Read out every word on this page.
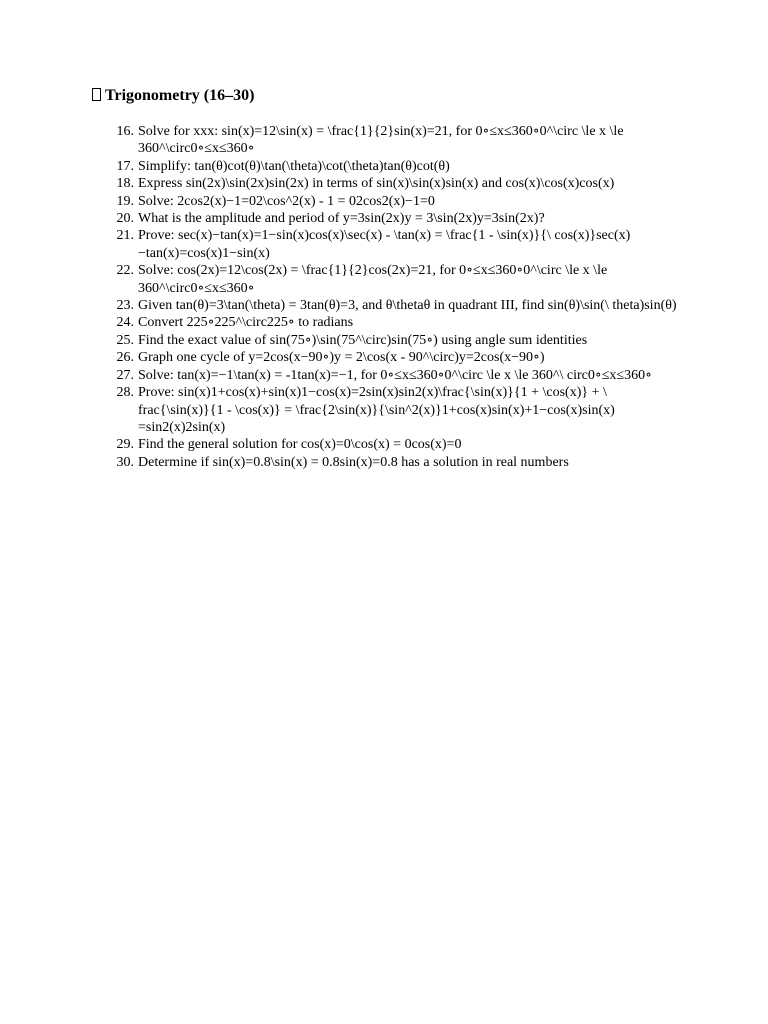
Trigonometry (16–30)
16. Solve for xxx: sin(x)=12\sin(x) = \frac{1}{2}sin(x)=21, for 0∘≤x≤360∘0^\circ \le x \le 360^\circ0∘≤x≤360∘
17. Simplify: tan(θ)cot(θ)\tan(\theta)\cot(\theta)tan(θ)cot(θ)
18. Express sin(2x)\sin(2x)sin(2x) in terms of sin(x)\sin(x)sin(x) and cos(x)\cos(x)cos(x)
19. Solve: 2cos2(x)−1=02\cos^2(x) - 1 = 02cos2(x)−1=0
20. What is the amplitude and period of y=3sin(2x)y = 3\sin(2x)y=3sin(2x)?
21. Prove: sec(x)−tan(x)=1−sin(x)cos(x)\sec(x) - \tan(x) = \frac{1 - \sin(x)}{\ cos(x)}sec(x)−tan(x)=cos(x)1−sin(x)
22. Solve: cos(2x)=12\cos(2x) = \frac{1}{2}cos(2x)=21, for 0∘≤x≤360∘0^\circ \le x \le 360^\circ0∘≤x≤360∘
23. Given tan(θ)=3\tan(\theta) = 3tan(θ)=3, and θ\thetaθ in quadrant III, find sin(θ)\sin(\ theta)sin(θ)
24. Convert 225∘225^\circ225∘ to radians
25. Find the exact value of sin(75∘)\sin(75^\circ)sin(75∘) using angle sum identities
26. Graph one cycle of y=2cos(x−90∘)y = 2\cos(x - 90^\circ)y=2cos(x−90∘)
27. Solve: tan(x)=−1\tan(x) = -1tan(x)=−1, for 0∘≤x≤360∘0^\circ \le x \le 360^\ circ0∘≤x≤360∘
28. Prove: sin(x)1+cos(x)+sin(x)1−cos(x)=2sin(x)sin2(x)\frac{\sin(x)}{1 + \cos(x)} + \ frac{\sin(x)}{1 - \cos(x)} = \frac{2\sin(x)}{\sin^2(x)}1+cos(x)sin(x)+1−cos(x)sin(x) =sin2(x)2sin(x)
29. Find the general solution for cos(x)=0\cos(x) = 0cos(x)=0
30. Determine if sin(x)=0.8\sin(x) = 0.8sin(x)=0.8 has a solution in real numbers
